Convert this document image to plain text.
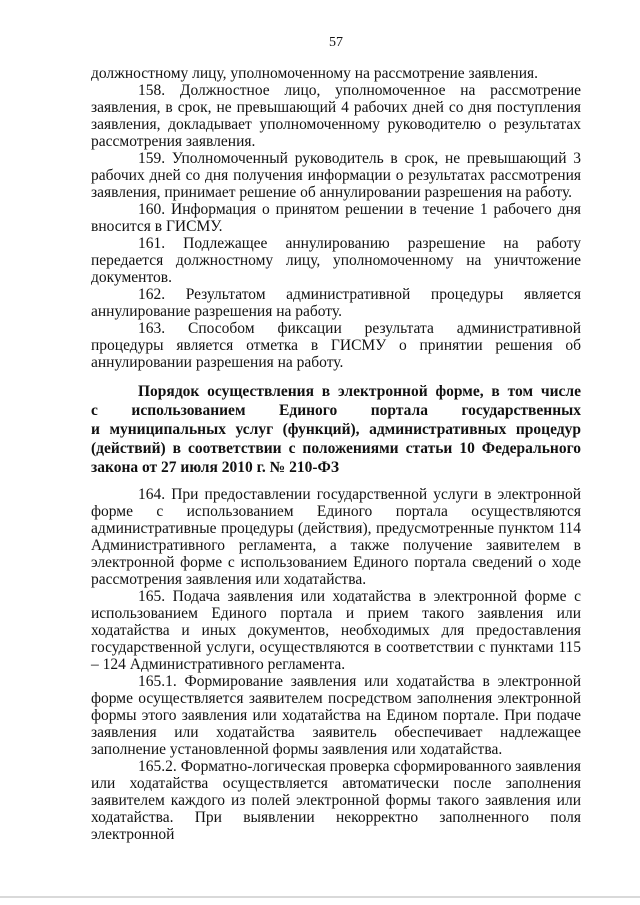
57

должностному лицу, уполномоченному на рассмотрение заявления.

158. Должностное лицо, уполномоченное на рассмотрение заявления, в срок, не превышающий 4 рабочих дней со дня поступления заявления, докладывает уполномоченному руководителю о результатах рассмотрения заявления.

159. Уполномоченный руководитель в срок, не превышающий 3 рабочих дней со дня получения информации о результатах рассмотрения заявления, принимает решение об аннулировании разрешения на работу.

160. Информация о принятом решении в течение 1 рабочего дня вносится в ГИСМУ.

161. Подлежащее аннулированию разрешение на работу передается должностному лицу, уполномоченному на уничтожение документов.

162. Результатом административной процедуры является аннулирование разрешения на работу.

163. Способом фиксации результата административной процедуры является отметка в ГИСМУ о принятии решения об аннулировании разрешения на работу.

Порядок осуществления в электронной форме, в том числе
с использованием Единого портала государственных
и муниципальных услуг (функций), административных процедур
(действий) в соответствии с положениями статьи 10 Федерального
закона от 27 июля 2010 г. № 210-ФЗ

164. При предоставлении государственной услуги в электронной форме с использованием Единого портала осуществляются административные процедуры (действия), предусмотренные пунктом 114 Административного регламента, а также получение заявителем в электронной форме с использованием Единого портала сведений о ходе рассмотрения заявления или ходатайства.

165. Подача заявления или ходатайства в электронной форме с использованием Единого портала и прием такого заявления или ходатайства и иных документов, необходимых для предоставления государственной услуги, осуществляются в соответствии с пунктами 115 – 124 Административного регламента.

165.1. Формирование заявления или ходатайства в электронной форме осуществляется заявителем посредством заполнения электронной формы этого заявления или ходатайства на Едином портале. При подаче заявления или ходатайства заявитель обеспечивает надлежащее заполнение установленной формы заявления или ходатайства.

165.2. Форматно-логическая проверка сформированного заявления или ходатайства осуществляется автоматически после заполнения заявителем каждого из полей электронной формы такого заявления или ходатайства. При выявлении некорректно заполненного поля электронной
